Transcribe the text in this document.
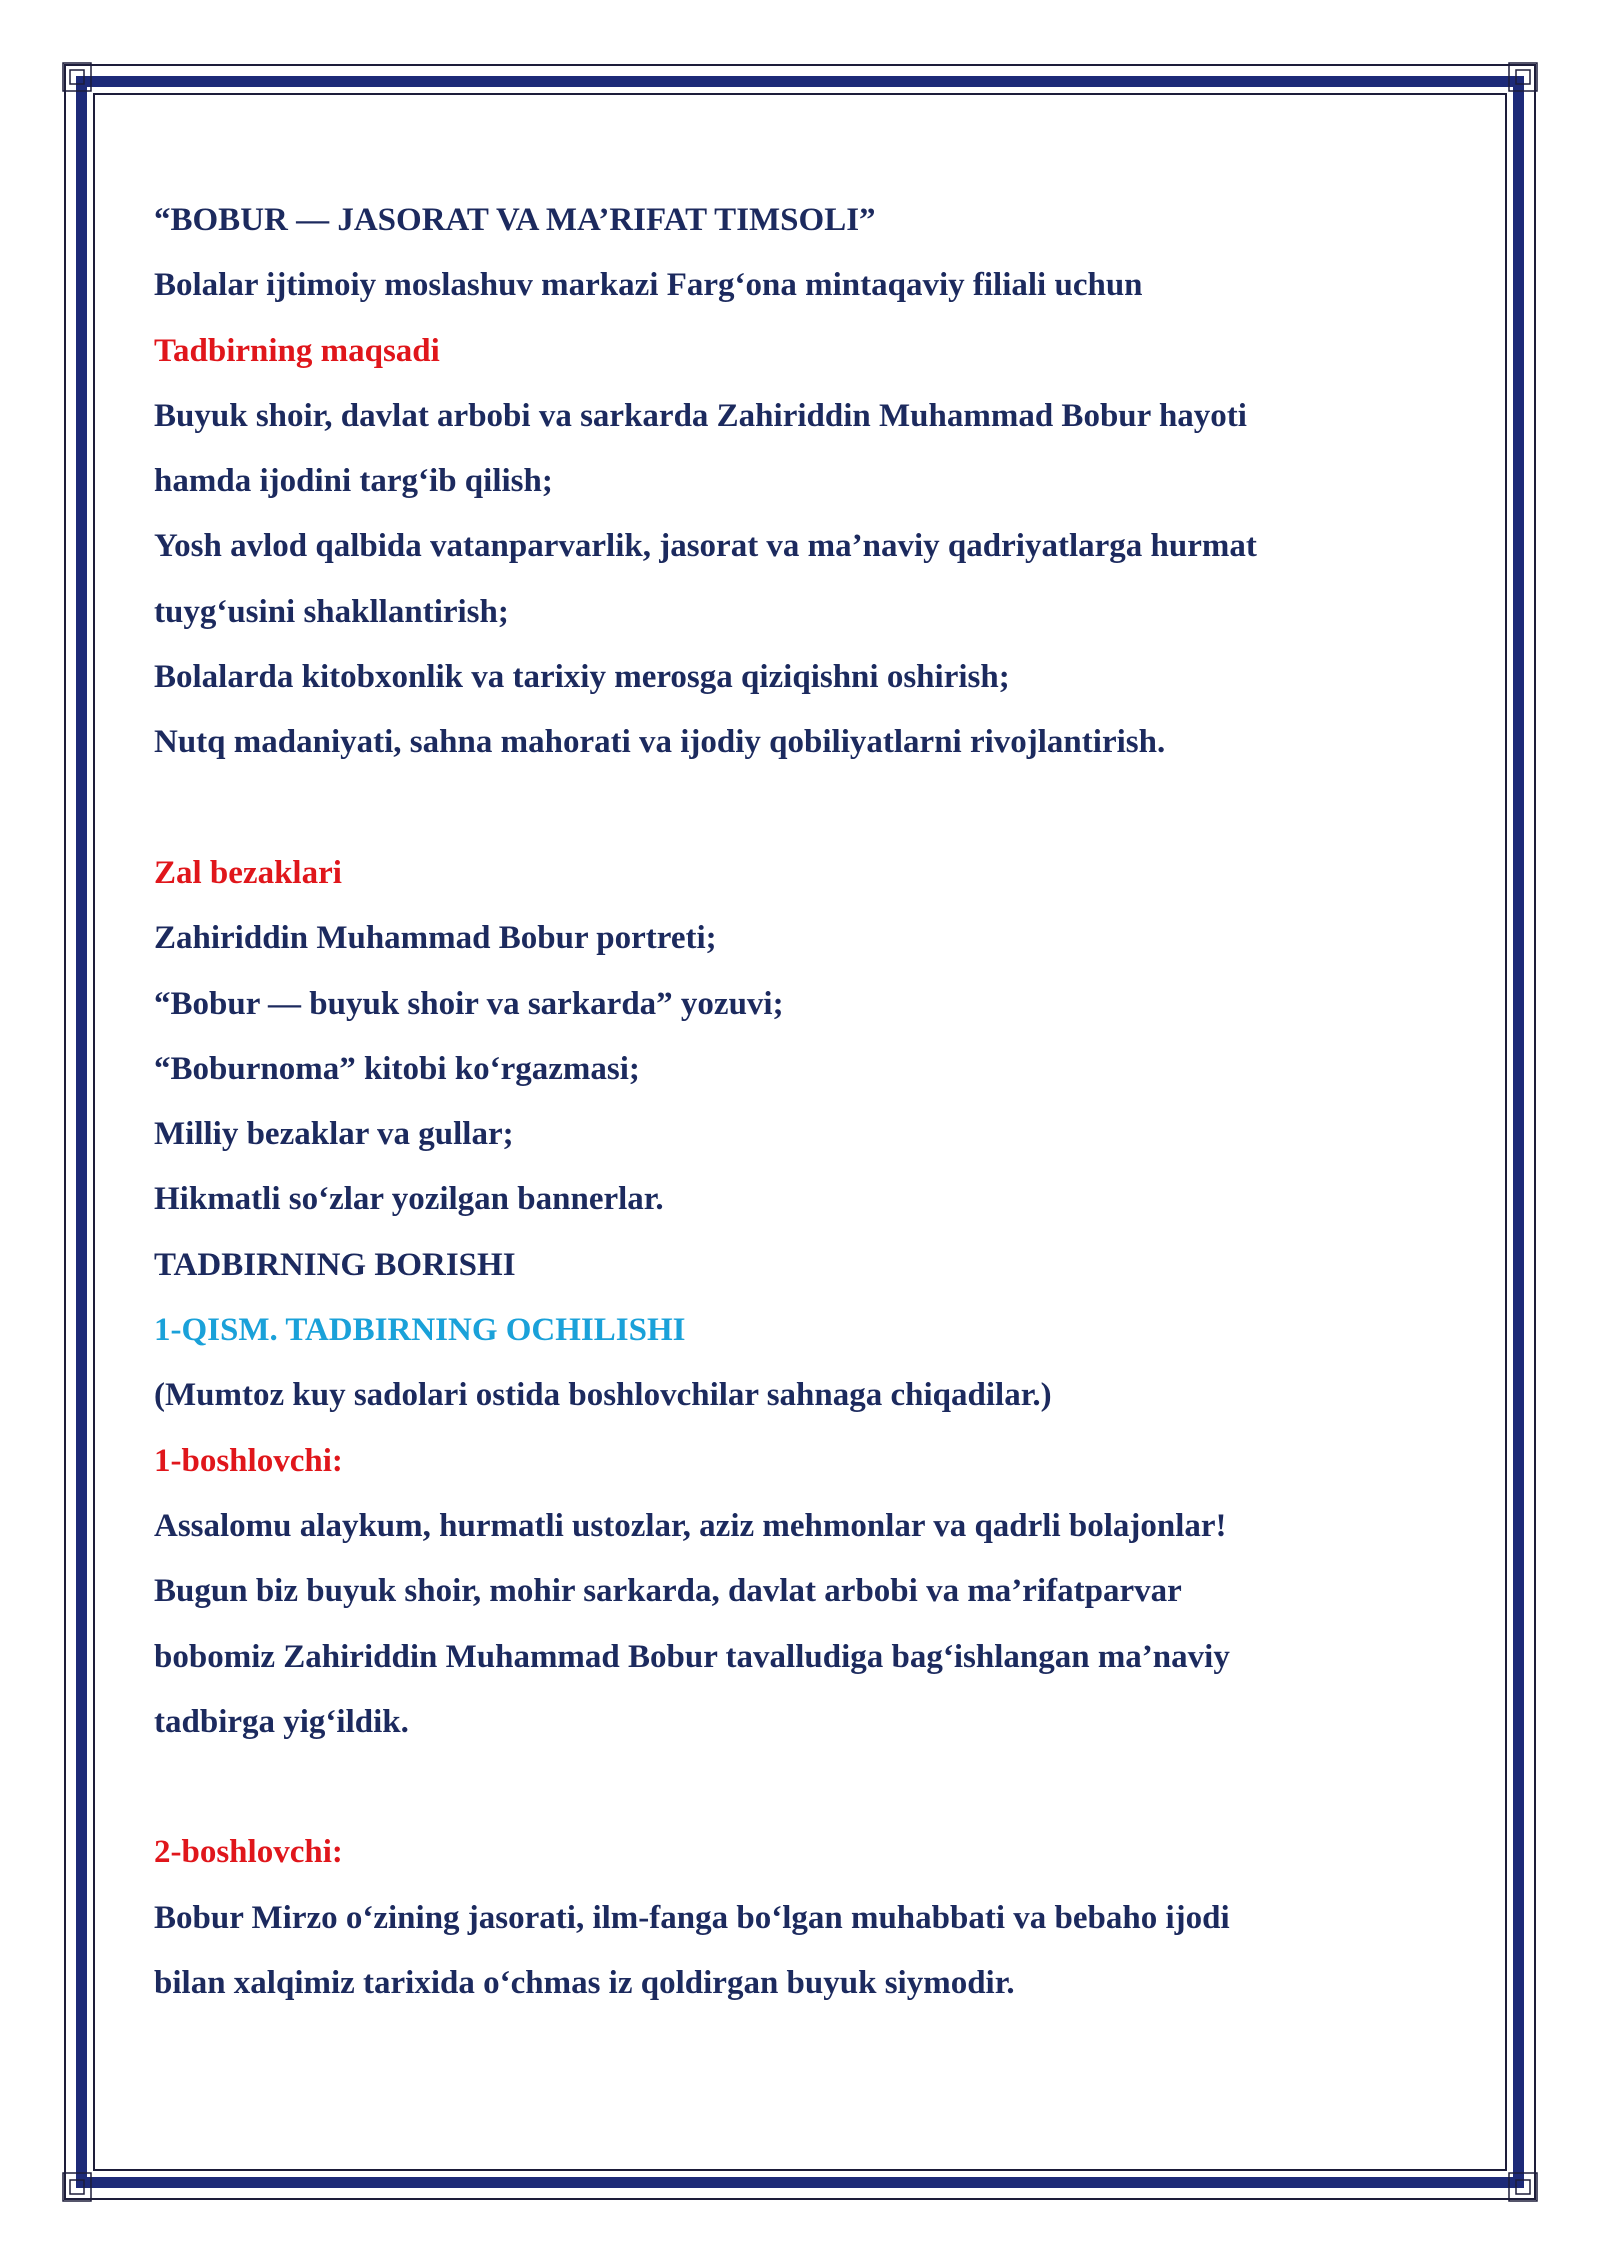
“BOBUR — JASORAT VA MA’RIFAT TIMSOLI”
Bolalar ijtimoiy moslashuv markazi Farg‘ona mintaqaviy filiali uchun
Tadbirning maqsadi
Buyuk shoir, davlat arbobi va sarkarda Zahiriddin Muhammad Bobur hayoti
hamda ijodini targ‘ib qilish;
Yosh avlod qalbida vatanparvarlik, jasorat va ma’naviy qadriyatlarga hurmat
tuyg‘usini shakllantirish;
Bolalarda kitobxonlik va tarixiy merosga qiziqishni oshirish;
Nutq madaniyati, sahna mahorati va ijodiy qobiliyatlarni rivojlantirish.
Zal bezaklari
Zahiriddin Muhammad Bobur portreti;
“Bobur — buyuk shoir va sarkarda” yozuvi;
“Boburnoma” kitobi ko‘rgazmasi;
Milliy bezaklar va gullar;
Hikmatli so‘zlar yozilgan bannerlar.
TADBIRNING BORISHI
1-QISM. TADBIRNING OCHILISHI
(Mumtoz kuy sadolari ostida boshlovchilar sahnaga chiqadilar.)
1-boshlovchi:
Assalomu alaykum, hurmatli ustozlar, aziz mehmonlar va qadrli bolajonlar!
Bugun biz buyuk shoir, mohir sarkarda, davlat arbobi va ma’rifatparvar
bobomiz Zahiriddin Muhammad Bobur tavalludiga bag‘ishlangan ma’naviy
tadbirga yig‘ildik.
2-boshlovchi:
Bobur Mirzo o‘zining jasorati, ilm-fanga bo‘lgan muhabbati va bebaho ijodi
bilan xalqimiz tarixida o‘chmas iz qoldirgan buyuk siymodir.
